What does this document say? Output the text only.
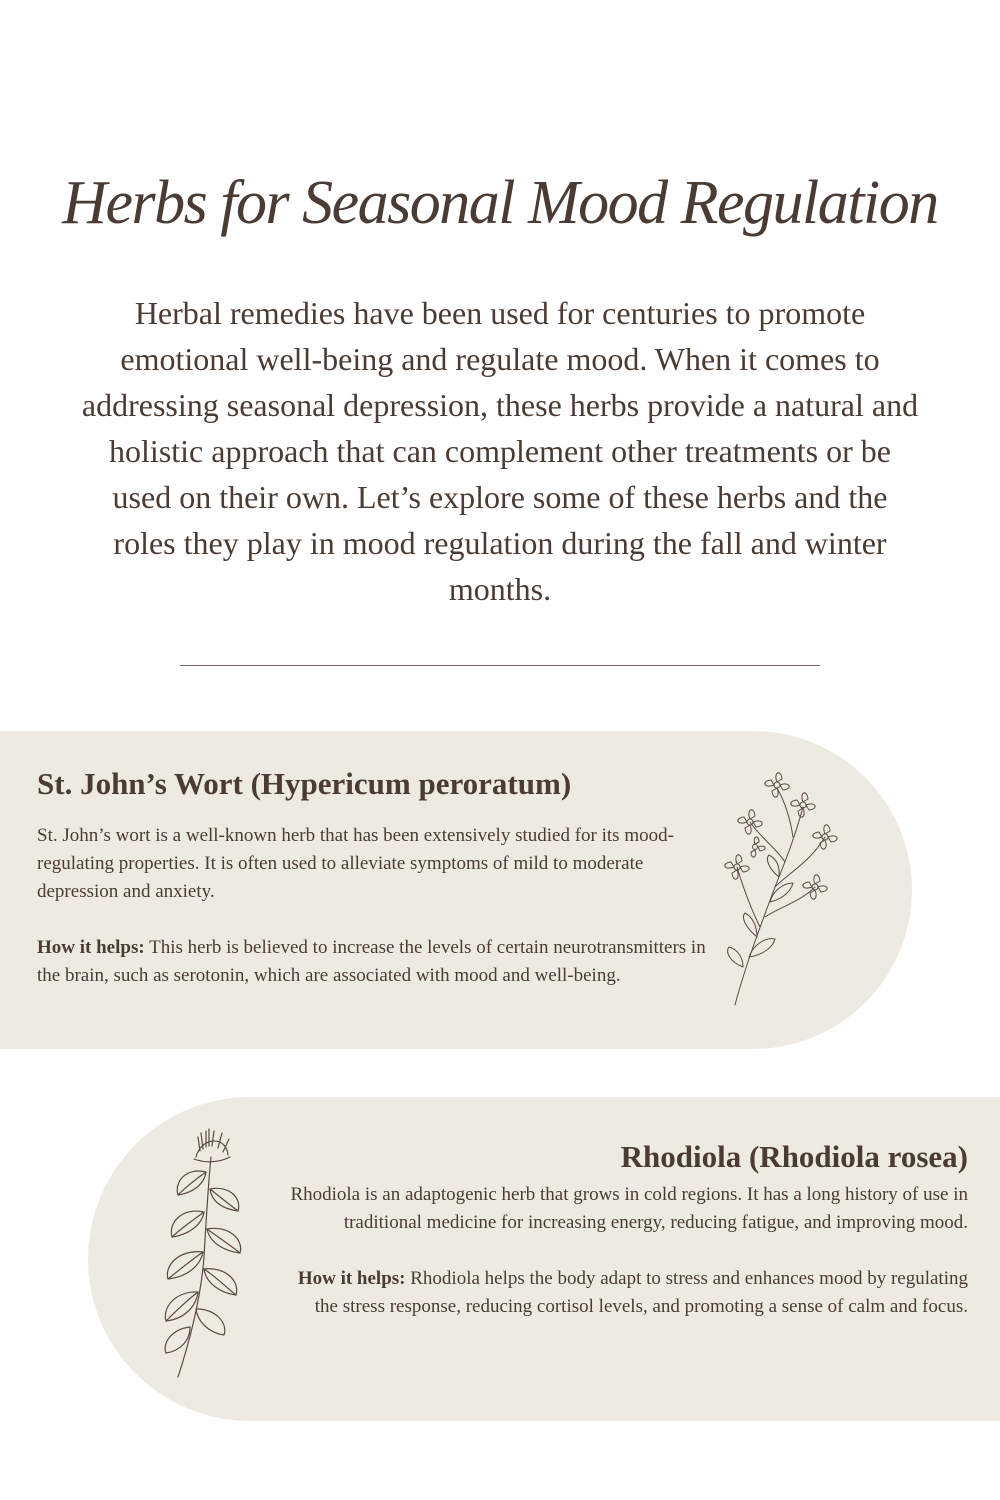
Herbs for Seasonal Mood Regulation

Herbal remedies have been used for centuries to promote emotional well-being and regulate mood. When it comes to addressing seasonal depression, these herbs provide a natural and holistic approach that can complement other treatments or be used on their own. Let’s explore some of these herbs and the roles they play in mood regulation during the fall and winter months.

St. John’s Wort (Hypericum peroratum)

St. John’s wort is a well-known herb that has been extensively studied for its mood-regulating properties. It is often used to alleviate symptoms of mild to moderate depression and anxiety.

How it helps: This herb is believed to increase the levels of certain neurotransmitters in the brain, such as serotonin, which are associated with mood and well-being.

Rhodiola (Rhodiola rosea)

Rhodiola is an adaptogenic herb that grows in cold regions. It has a long history of use in traditional medicine for increasing energy, reducing fatigue, and improving mood.

How it helps: Rhodiola helps the body adapt to stress and enhances mood by regulating the stress response, reducing cortisol levels, and promoting a sense of calm and focus.
